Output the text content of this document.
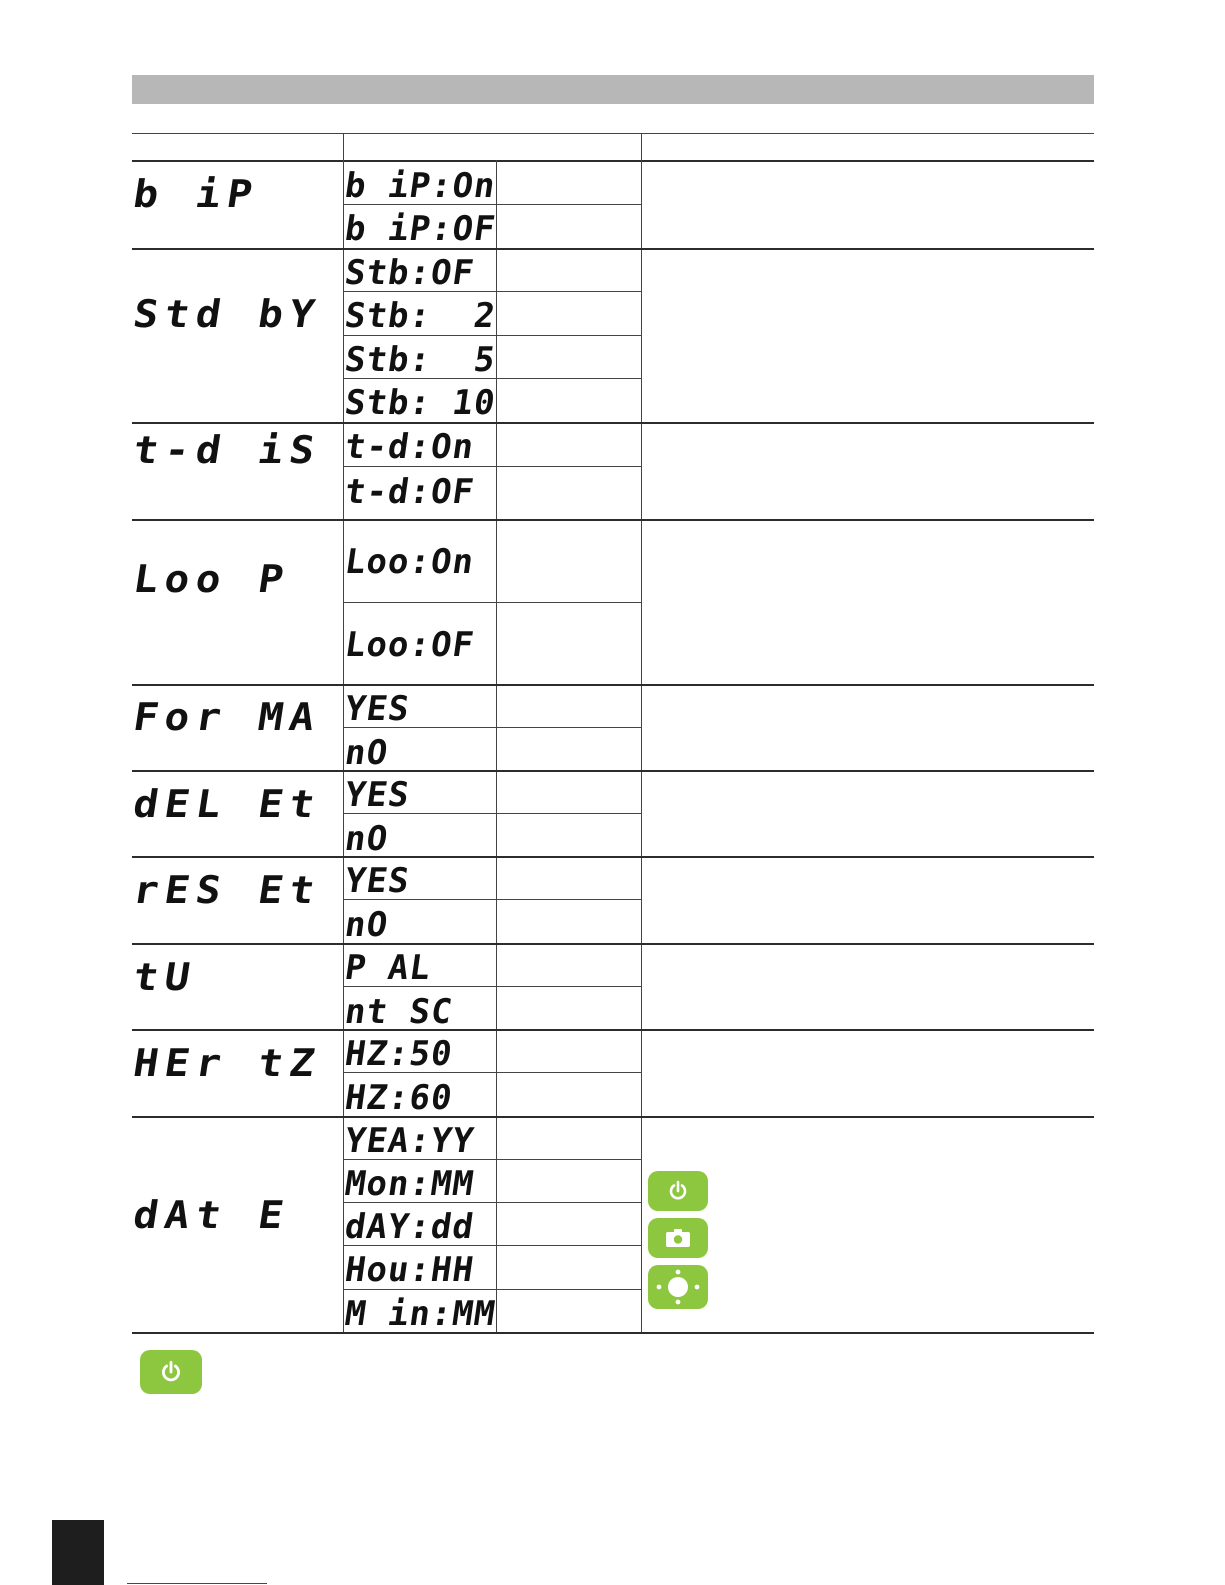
b iP
Std bY
t-d iS
Loo P
For MA
dEL Et
rES Et
tU
HEr tZ
dAt E
b iP:On
b iP:OF
Stb:OF
Stb:  2
Stb:  5
Stb: 10
t-d:On
t-d:OF
Loo:On
Loo:OF
YES
nO
YES
nO
YES
nO
P AL
nt SC
HZ:50
HZ:60
YEA:YY
Mon:MM
dAY:dd
Hou:HH
M in:MM
